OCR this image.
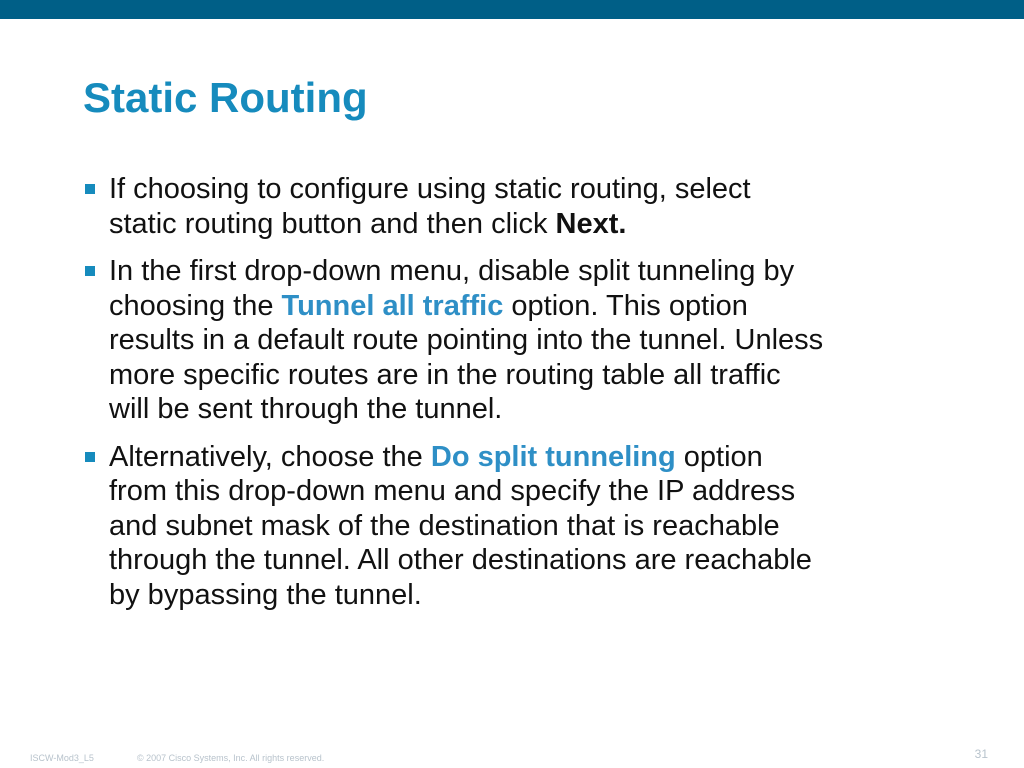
Static Routing
If choosing to configure using static routing, select
static routing button and then click Next.
In the first drop-down menu, disable split tunneling by
choosing the Tunnel all traffic option. This option
results in a default route pointing into the tunnel. Unless
more specific routes are in the routing table all traffic
will be sent through the tunnel.
Alternatively, choose the Do split tunneling option
from this drop-down menu and specify the IP address
and subnet mask of the destination that is reachable
through the tunnel. All other destinations are reachable
by bypassing the tunnel.
ISCW-Mod3_L5	© 2007 Cisco Systems, Inc. All rights reserved.	31
